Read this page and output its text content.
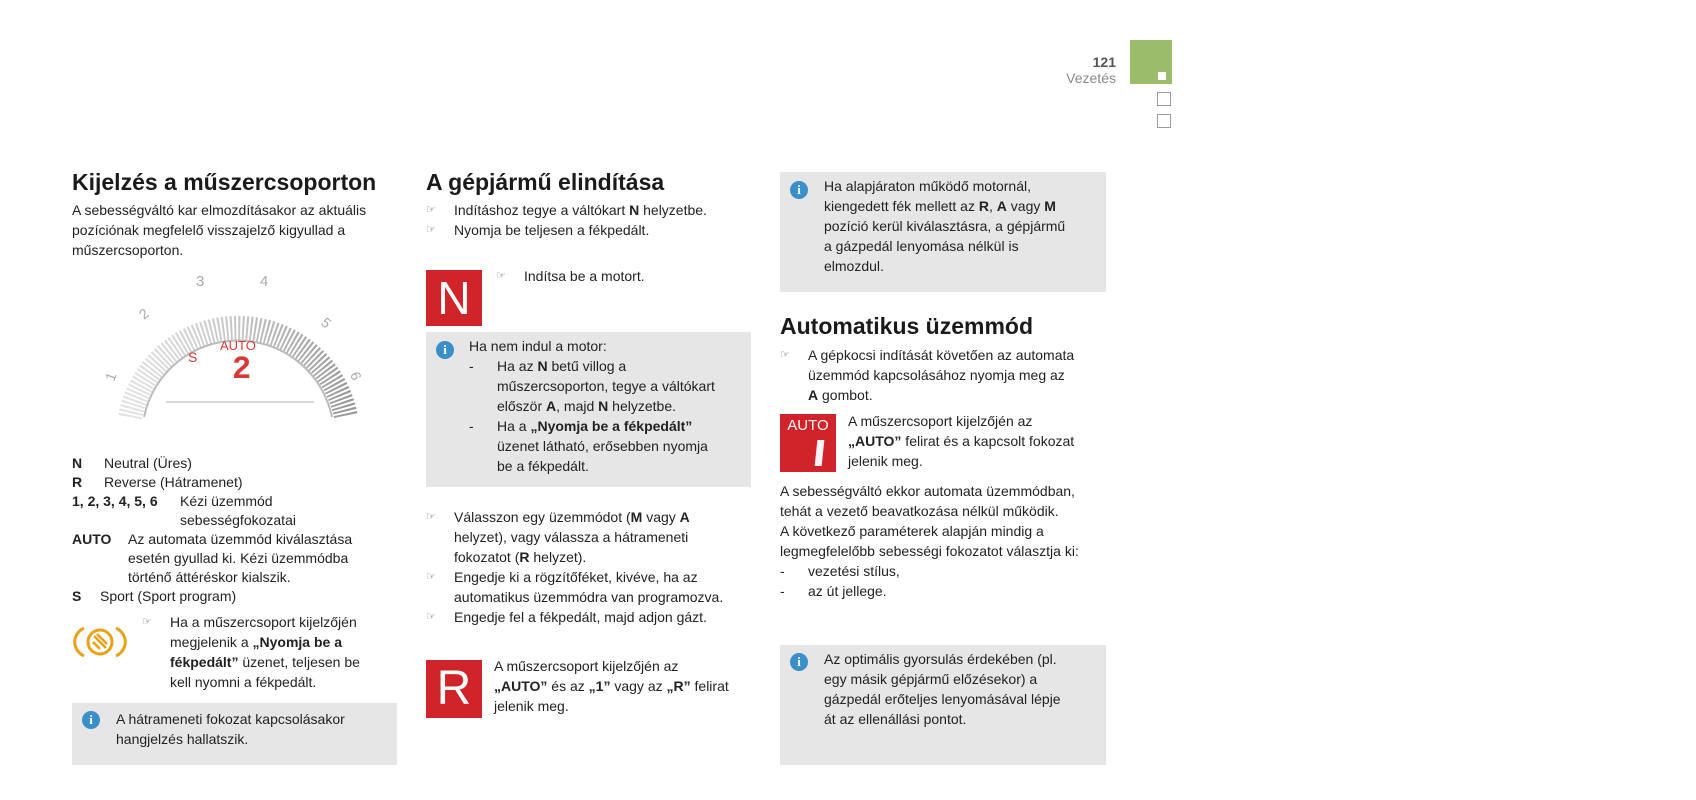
121
Vezetés
Kijelzés a műszercsoporton
A sebességváltó kar elmozdításakor az aktuális pozíciónak megfelelő visszajelző kigyullad a műszercsoporton.
1
2
3	4
5
6
AUTO
S 2
N	Neutral (Üres)
R	Reverse (Hátramenet)
1, 2, 3, 4, 5, 6	Kézi üzemmód
sebességfokozatai
AUTO	Az automata üzemmód kiválasztása
esetén gyullad ki. Kézi üzemmódba
történő áttéréskor kialszik.
S	Sport (Sport program)
☞ Ha a műszercsoport kijelzőjén
megjelenik a „Nyomja be a
fékpedált” üzenet, teljesen be
kell nyomni a fékpedált.
i	A hátrameneti fokozat kapcsolásakor
hangjelzés hallatszik.
A gépjármű elindítása
☞ Indításhoz tegye a váltókart N helyzetbe.
☞ Nyomja be teljesen a fékpedált.
N
☞	Indítsa be a motort.
i	Ha nem indul a motor:
- Ha az N betű villog a
műszercsoporton, tegye a váltókart
először A, majd N helyzetbe.
- Ha a „Nyomja be a fékpedált”
üzenet látható, erősebben nyomja
be a fékpedált.
☞ Válasszon egy üzemmódot (M vagy A
helyzet), vagy válassza a hátrameneti
fokozatot (R helyzet).
☞ Engedje ki a rögzítőféket, kivéve, ha az
automatikus üzemmódra van programozva.
☞ Engedje fel a fékpedált, majd adjon gázt.
R	A műszercsoport kijelzőjén az
„AUTO” és az „1” vagy az „R” felirat
jelenik meg.
i	Ha alapjáraton működő motornál,
kiengedett fék mellett az R, A vagy M
pozíció kerül kiválasztásra, a gépjármű
a gázpedál lenyomása nélkül is
elmozdul.
Automatikus üzemmód
☞ A gépkocsi indítását követően az automata
üzemmód kapcsolásához nyomja meg az
A gombot.
AUTO	A műszercsoport kijelzőjén az
„AUTO” felirat és a kapcsolt fokozat
jelenik meg.
A sebességváltó ekkor automata üzemmódban,
tehát a vezető beavatkozása nélkül működik.
A következő paraméterek alapján mindig a
legmegfelelőbb sebességi fokozatot választja ki:
- vezetési stílus,
- az út jellege.
i	Az optimális gyorsulás érdekében (pl.
egy másik gépjármű előzésekor) a
gázpedál erőteljes lenyomásával lépje
át az ellenállási pontot.
